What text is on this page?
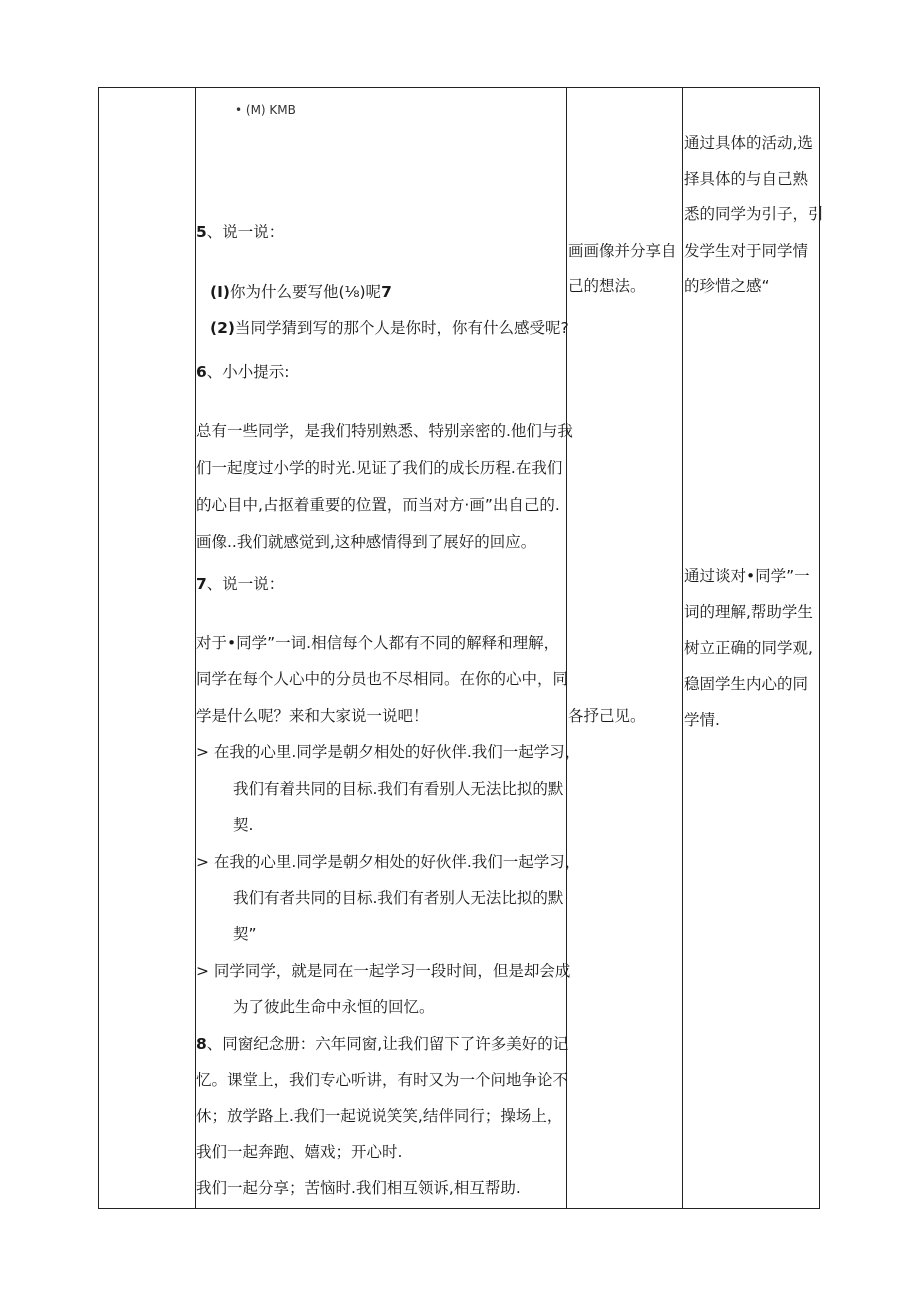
• (M) KMB
5、说一说：
(I)你为什么要写他(⅛)呢7
(2)当同学猜到写的那个人是你时，你有什么感受呢?
6、小小提示:
总有一些同学，是我们特别熟悉、特别亲密的.他们与我
们一起度过小学的时光.见证了我们的成长历程.在我们
的心目中,占抠着重要的位置，而当对方·画”出自己的.
画像..我们就感觉到,这种感情得到了展好的回应。
7、说一说：
对于•同学”一词.相信每个人都有不同的解释和理解，
同学在每个人心中的分员也不尽相同。在你的心中，同
学是什么呢？来和大家说一说吧！
> 在我的心里.同学是朝夕相处的好伙伴.我们一起学习，
我们有着共同的目标.我们有看别人无法比拟的默
契.
> 在我的心里.同学是朝夕相处的好伙伴.我们一起学习，
我们有者共同的目标.我们有者别人无法比拟的默
契”
> 同学同学，就是同在一起学习一段时间，但是却会成
为了彼此生命中永恒的回忆。
8、同窗纪念册：六年同窗,让我们留下了许多美好的记
忆。课堂上，我们专心听讲，有时又为一个问地争论不
休；放学路上.我们一起说说笑笑,结伴同行；操场上，
我们一起奔跑、嬉戏；开心时.
我们一起分享；苦恼时.我们相互领诉,相互帮助.
画画像并分享自
己的想法。
各抒己见。
通过具体的活动,选
择具体的与自己熟
悉的同学为引子，引
发学生对于同学情
的珍惜之感“
通过谈对•同学”一
词的理解,帮助学生
树立正确的同学观,
稳固学生内心的同
学情.
